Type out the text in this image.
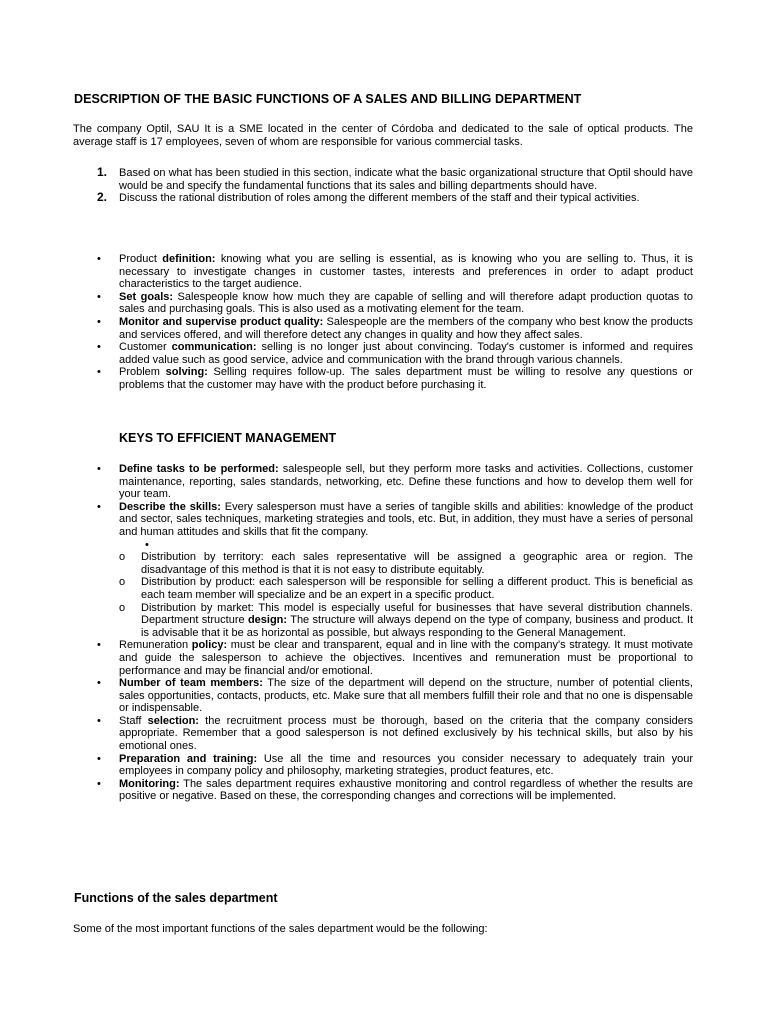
DESCRIPTION OF THE BASIC FUNCTIONS OF A SALES AND BILLING DEPARTMENT

The company Optil, SAU It is a SME located in the center of Córdoba and dedicated to the sale of optical products. The average staff is 17 employees, seven of whom are responsible for various commercial tasks.

1. Based on what has been studied in this section, indicate what the basic organizational structure that Optil should have would be and specify the fundamental functions that its sales and billing departments should have.
2. Discuss the rational distribution of roles among the different members of the staff and their typical activities.
• Product definition: knowing what you are selling is essential, as is knowing who you are selling to. Thus, it is necessary to investigate changes in customer tastes, interests and preferences in order to adapt product characteristics to the target audience.
• Set goals: Salespeople know how much they are capable of selling and will therefore adapt production quotas to sales and purchasing goals. This is also used as a motivating element for the team.
• Monitor and supervise product quality: Salespeople are the members of the company who best know the products and services offered, and will therefore detect any changes in quality and how they affect sales.
• Customer communication: selling is no longer just about convincing. Today's customer is informed and requires added value such as good service, advice and communication with the brand through various channels.
• Problem solving: Selling requires follow-up. The sales department must be willing to resolve any questions or problems that the customer may have with the product before purchasing it.
KEYS TO EFFICIENT MANAGEMENT
• Define tasks to be performed: salespeople sell, but they perform more tasks and activities. Collections, customer maintenance, reporting, sales standards, networking, etc. Define these functions and how to develop them well for your team.
• Describe the skills: Every salesperson must have a series of tangible skills and abilities: knowledge of the product and sector, sales techniques, marketing strategies and tools, etc. But, in addition, they must have a series of personal and human attitudes and skills that fit the company.
•
o Distribution by territory: each sales representative will be assigned a geographic area or region. The disadvantage of this method is that it is not easy to distribute equitably.
o Distribution by product: each salesperson will be responsible for selling a different product. This is beneficial as each team member will specialize and be an expert in a specific product.
o Distribution by market: This model is especially useful for businesses that have several distribution channels. Department structure design: The structure will always depend on the type of company, business and product. It is advisable that it be as horizontal as possible, but always responding to the General Management.
• Remuneration policy: must be clear and transparent, equal and in line with the company's strategy. It must motivate and guide the salesperson to achieve the objectives. Incentives and remuneration must be proportional to performance and may be financial and/or emotional.
• Number of team members: The size of the department will depend on the structure, number of potential clients, sales opportunities, contacts, products, etc. Make sure that all members fulfill their role and that no one is dispensable or indispensable.
• Staff selection: the recruitment process must be thorough, based on the criteria that the company considers appropriate. Remember that a good salesperson is not defined exclusively by his technical skills, but also by his emotional ones.
• Preparation and training: Use all the time and resources you consider necessary to adequately train your employees in company policy and philosophy, marketing strategies, product features, etc.
• Monitoring: The sales department requires exhaustive monitoring and control regardless of whether the results are positive or negative. Based on these, the corresponding changes and corrections will be implemented.
Functions of the sales department

Some of the most important functions of the sales department would be the following:
